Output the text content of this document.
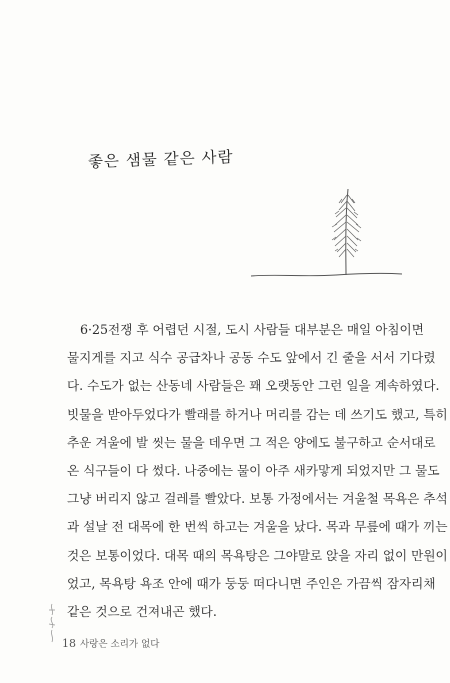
좋은 샘물 같은 사람
6·25전쟁 후 어렵던 시절, 도시 사람들 대부분은 매일 아침이면
물지게를 지고 식수 공급차나 공동 수도 앞에서 긴 줄을 서서 기다렸
다. 수도가 없는 산동네 사람들은 꽤 오랫동안 그런 일을 계속하였다.
빗물을 받아두었다가 빨래를 하거나 머리를 감는 데 쓰기도 했고, 특히
추운 겨울에 발 씻는 물을 데우면 그 적은 양에도 불구하고 순서대로
온 식구들이 다 썼다. 나중에는 물이 아주 새카맣게 되었지만 그 물도
그냥 버리지 않고 걸레를 빨았다. 보통 가정에서는 겨울철 목욕은 추석
과 설날 전 대목에 한 번씩 하고는 겨울을 났다. 목과 무릎에 때가 끼는
것은 보통이었다. 대목 때의 목욕탕은 그야말로 앉을 자리 없이 만원이
었고, 목욕탕 욕조 안에 때가 둥둥 떠다니면 주인은 가끔씩 잠자리채
같은 것으로 건져내곤 했다.
18 사랑은 소리가 없다
